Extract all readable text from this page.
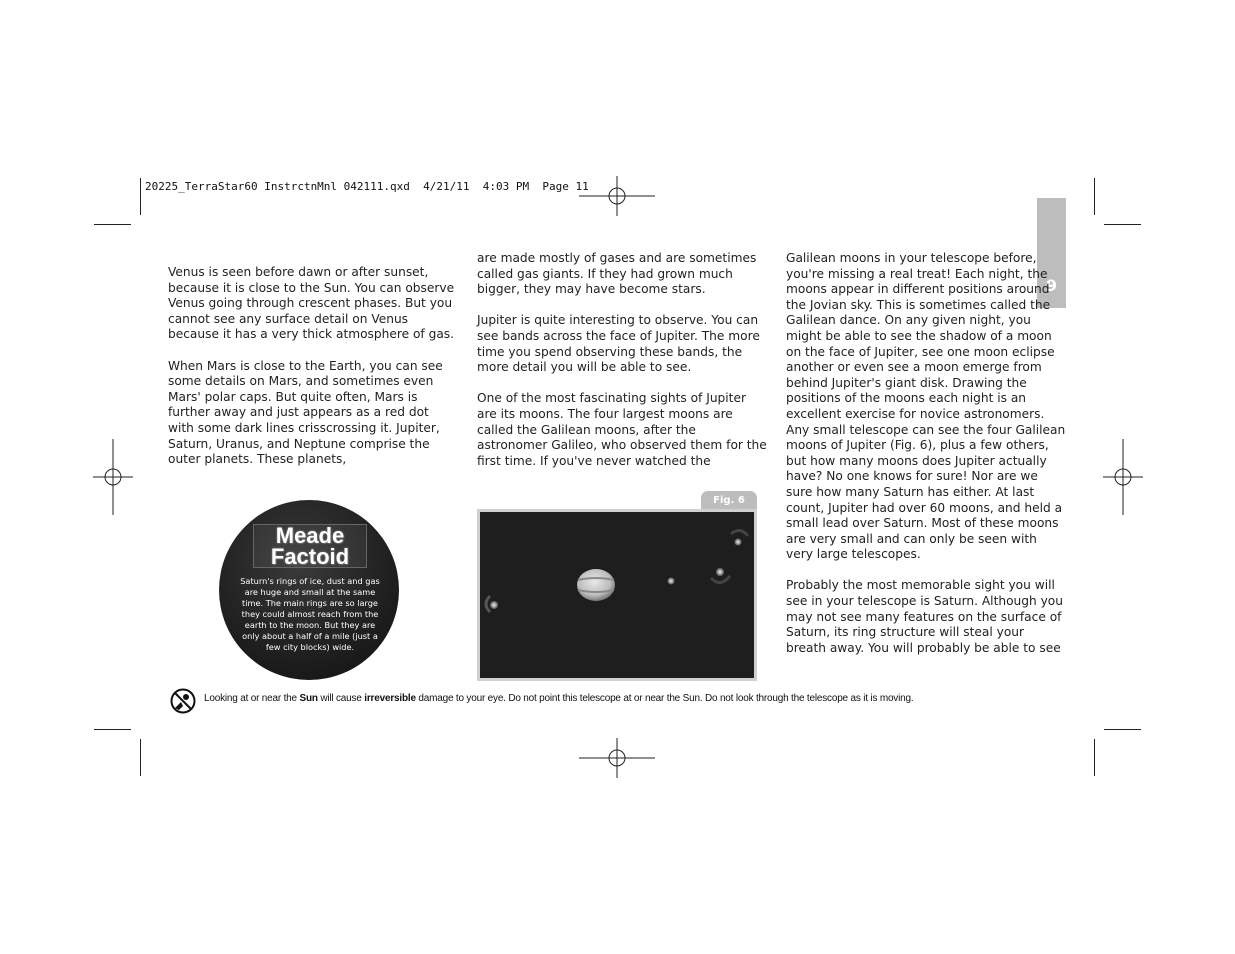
20225_TerraStar60 InstrctnMnl 042111.qxd  4/21/11  4:03 PM  Page 11
9

Venus is seen before dawn or after sunset, because it is close to the Sun. You can observe Venus going through crescent phases. But you cannot see any surface detail on Venus because it has a very thick atmosphere of gas.

When Mars is close to the Earth, you can see some details on Mars, and sometimes even Mars' polar caps. But quite often, Mars is further away and just appears as a red dot with some dark lines crisscrossing it. Jupiter, Saturn, Uranus, and Neptune comprise the outer planets. These planets,

are made mostly of gases and are sometimes called gas giants. If they had grown much bigger, they may have become stars.

Jupiter is quite interesting to observe. You can see bands across the face of Jupiter. The more time you spend observing these bands, the more detail you will be able to see.

One of the most fascinating sights of Jupiter are its moons. The four largest moons are called the Galilean moons, after the astronomer Galileo, who observed them for the first time. If you've never watched the

Galilean moons in your telescope before, you're missing a real treat! Each night, the moons appear in different positions around the Jovian sky. This is sometimes called the Galilean dance. On any given night, you might be able to see the shadow of a moon on the face of Jupiter, see one moon eclipse another or even see a moon emerge from behind Jupiter's giant disk. Drawing the positions of the moons each night is an excellent exercise for novice astronomers.

Any small telescope can see the four Galilean moons of Jupiter (Fig. 6), plus a few others, but how many moons does Jupiter actually have? No one knows for sure! Nor are we sure how many Saturn has either. At last count, Jupiter had over 60 moons, and held a small lead over Saturn. Most of these moons are very small and can only be seen with very large telescopes.

Probably the most memorable sight you will see in your telescope is Saturn. Although you may not see many features on the surface of Saturn, its ring structure will steal your breath away. You will probably be able to see

Meade
Factoid
Saturn's rings of ice, dust and gas are huge and small at the same time. The main rings are so large they could almost reach from the earth to the moon. But they are only about a half of a mile (just a few city blocks) wide.
Fig. 6
Looking at or near the Sun will cause irreversible damage to your eye. Do not point this telescope at or near the Sun. Do not look through the telescope as it is moving.
